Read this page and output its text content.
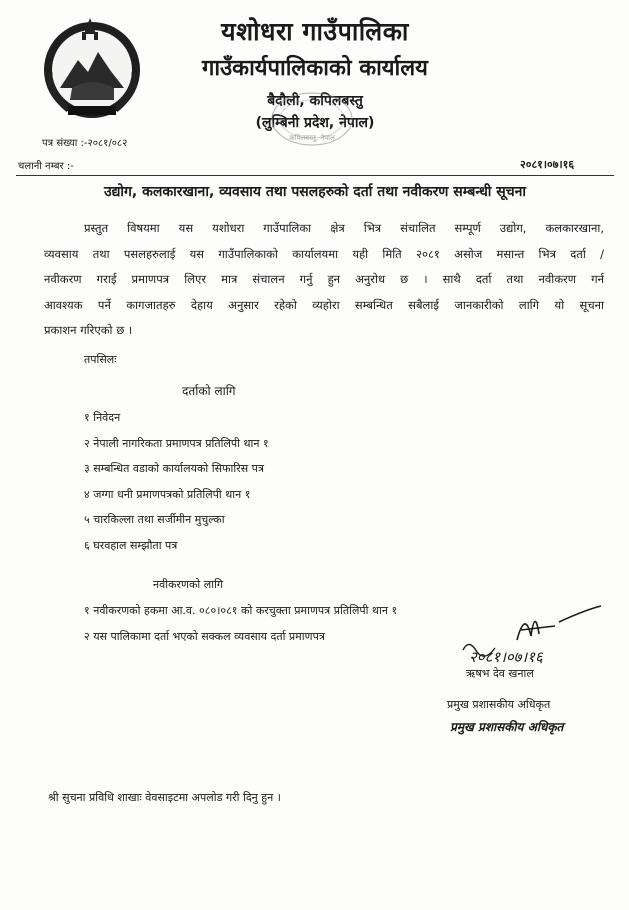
यशोधरा गाउँपालिका
गाउँकार्यपालिकाको कार्यालय
बैदौली, कपिलबस्तु
(लुम्बिनी प्रदेश, नेपाल)
कपिलबस्तु, नेपाल
पत्र संख्या :-२०८१/०८२
चलानी नम्बर :-	२०८१।०७।१६
उद्योग, कलकारखाना, व्यवसाय तथा पसलहरुको दर्ता तथा नवीकरण सम्बन्धी सूचना
प्रस्तुत विषयमा यस यशोधरा गाउँपालिका क्षेत्र भित्र संचालित सम्पूर्ण उद्योग, कलकारखाना,
व्यवसाय तथा पसलहरुलाई यस गाउँपालिकाको कार्यालयमा यही मिति २०८१ असोज मसान्त भित्र दर्ता /
नवीकरण गराई प्रमाणपत्र लिएर मात्र संचालन गर्नु हुन अनुरोध छ । साथै दर्ता तथा नवीकरण गर्न
आवश्यक पर्ने कागजातहरु देहाय अनुसार रहेको व्यहोरा सम्बन्धित सबैलाई जानकारीको लागि यो सूचना
प्रकाशन गरिएको छ ।
तपसिलः
दर्ताको लागि
१ निवेदन
२ नेपाली नागरिकता प्रमाणपत्र प्रतिलिपी थान १
३ सम्बन्धित वडाको कार्यालयको सिफारिस पत्र
४ जग्गा धनी प्रमाणपत्रको प्रतिलिपी थान १
५ चारकिल्ला तथा सर्जीमीन मुचुल्का
६ घरवहाल सम्झौता पत्र
नवीकरणको लागि
१ नवीकरणको हकमा आ.व. ०८०।०८१ को करचुक्ता प्रमाणपत्र प्रतिलिपी थान १
२ यस पालिकामा दर्ता भएको सक्कल व्यवसाय दर्ता प्रमाणपत्र
२०८१।०७।१६
ऋषभ देव खनाल
प्रमुख प्रशासकीय अधिकृत
प्रमुख प्रशासकीय अधिकृत
श्री सुचना प्रविधि शाखाः वेवसाइटमा अपलोड गरी दिनु हुन ।
